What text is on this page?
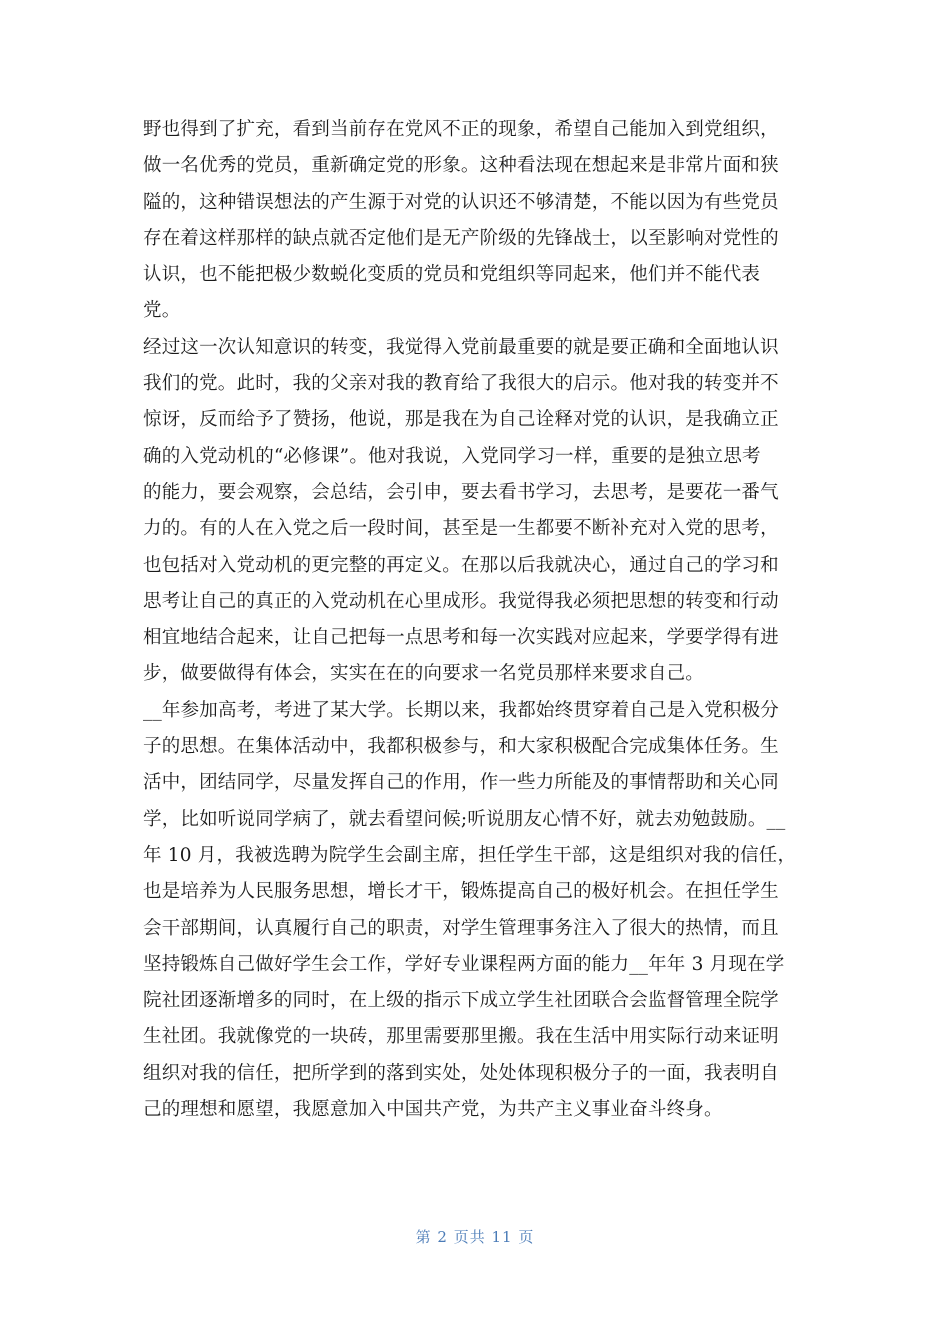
野也得到了扩充，看到当前存在党风不正的现象，希望自己能加入到党组织，
做一名优秀的党员，重新确定党的形象。这种看法现在想起来是非常片面和狭
隘的，这种错误想法的产生源于对党的认识还不够清楚，不能以因为有些党员
存在着这样那样的缺点就否定他们是无产阶级的先锋战士，以至影响对党性的
认识，也不能把极少数蜕化变质的党员和党组织等同起来，他们并不能代表
党。
经过这一次认知意识的转变，我觉得入党前最重要的就是要正确和全面地认识
我们的党。此时，我的父亲对我的教育给了我很大的启示。他对我的转变并不
惊讶，反而给予了赞扬，他说，那是我在为自己诠释对党的认识，是我确立正
确的入党动机的“必修课”。他对我说，入党同学习一样，重要的是独立思考
的能力，要会观察，会总结，会引申，要去看书学习，去思考，是要花一番气
力的。有的人在入党之后一段时间，甚至是一生都要不断补充对入党的思考，
也包括对入党动机的更完整的再定义。在那以后我就决心，通过自己的学习和
思考让自己的真正的入党动机在心里成形。我觉得我必须把思想的转变和行动
相宜地结合起来，让自己把每一点思考和每一次实践对应起来，学要学得有进
步，做要做得有体会，实实在在的向要求一名党员那样来要求自己。
__年参加高考，考进了某大学。长期以来，我都始终贯穿着自己是入党积极分
子的思想。在集体活动中，我都积极参与，和大家积极配合完成集体任务。生
活中，团结同学，尽量发挥自己的作用，作一些力所能及的事情帮助和关心同
学，比如听说同学病了，就去看望问候;听说朋友心情不好，就去劝勉鼓励。__
年 10 月，我被选聘为院学生会副主席，担任学生干部，这是组织对我的信任，
也是培养为人民服务思想，增长才干，锻炼提高自己的极好机会。在担任学生
会干部期间，认真履行自己的职责，对学生管理事务注入了很大的热情，而且
坚持锻炼自己做好学生会工作，学好专业课程两方面的能力__年年 3 月现在学
院社团逐渐增多的同时，在上级的指示下成立学生社团联合会监督管理全院学
生社团。我就像党的一块砖，那里需要那里搬。我在生活中用实际行动来证明
组织对我的信任，把所学到的落到实处，处处体现积极分子的一面，我表明自
己的理想和愿望，我愿意加入中国共产党，为共产主义事业奋斗终身。
第 2 页共 11 页
